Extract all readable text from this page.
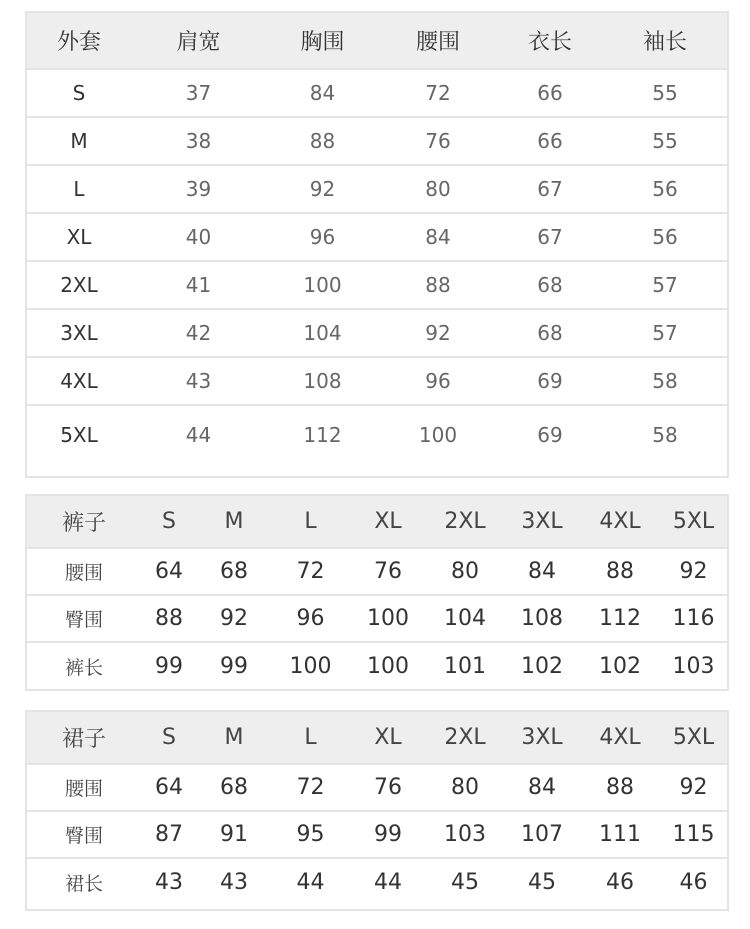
外套	肩宽	胸围	腰围	衣长	袖长
S	37	84	72	66	55
M	38	88	76	66	55
L	39	92	80	67	56
XL	40	96	84	67	56
2XL	41	100	88	68	57
3XL	42	104	92	68	57
4XL	43	108	96	69	58
5XL	44	112	100	69	58
裤子	S	M	L	XL	2XL	3XL	4XL	5XL
腰围	64	68	72	76	80	84	88	92
臀围	88	92	96	100	104	108	112	116
裤长	99	99	100	100	101	102	102	103
裙子	S	M	L	XL	2XL	3XL	4XL	5XL
腰围	64	68	72	76	80	84	88	92
臀围	87	91	95	99	103	107	111	115
裙长	43	43	44	44	45	45	46	46
